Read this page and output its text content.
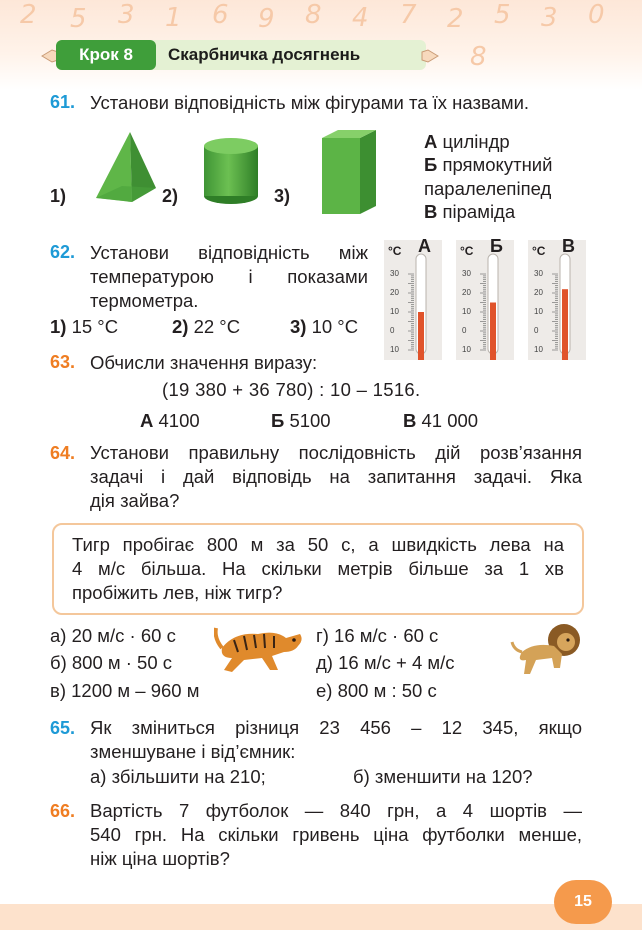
2 5 3 1 6 9 8 4 7 2 5 3 0
8
Крок 8	Скарбничка досягнень
61. Установи відповідність між фігурами та їх назвами.
1)	2)	3)
А циліндр
Б прямокутний
паралелепіпед
В піраміда
62. Установи відповідність між
температурою і показами
термометра.
1) 15 °С	2) 22 °С	3) 10 °С
°С
30
20
10
0
10
А °С
30
20
10
0
10
Б °С
30
20
10
0
10
В
63. Обчисли значення виразу:
(19 380 + 36 780) : 10 – 1516.
А 4100	Б 5100	В 41 000
64. Установи правильну послідовність дій розв’язання
задачі і дай відповідь на запитання задачі. Яка
дія зайва?
Тигр пробігає 800 м за 50 с, а швидкість лева на
4 м/с більша. На скільки метрів більше за 1 хв
пробіжить лев, ніж тигр?
а) 20 м/с · 60 с
б) 800 м · 50 с
в) 1200 м – 960 м
г) 16 м/с · 60 с
д) 16 м/с + 4 м/с
е) 800 м : 50 с
65. Як зміниться різниця 23 456 – 12 345, якщо
зменшуване і від’ємник:
а) збільшити на 210;	б) зменшити на 120?
66. Вартість 7 футболок — 840 грн, а 4 шортів —
540 грн. На скільки гривень ціна футболки менше,
ніж ціна шортів?
15
